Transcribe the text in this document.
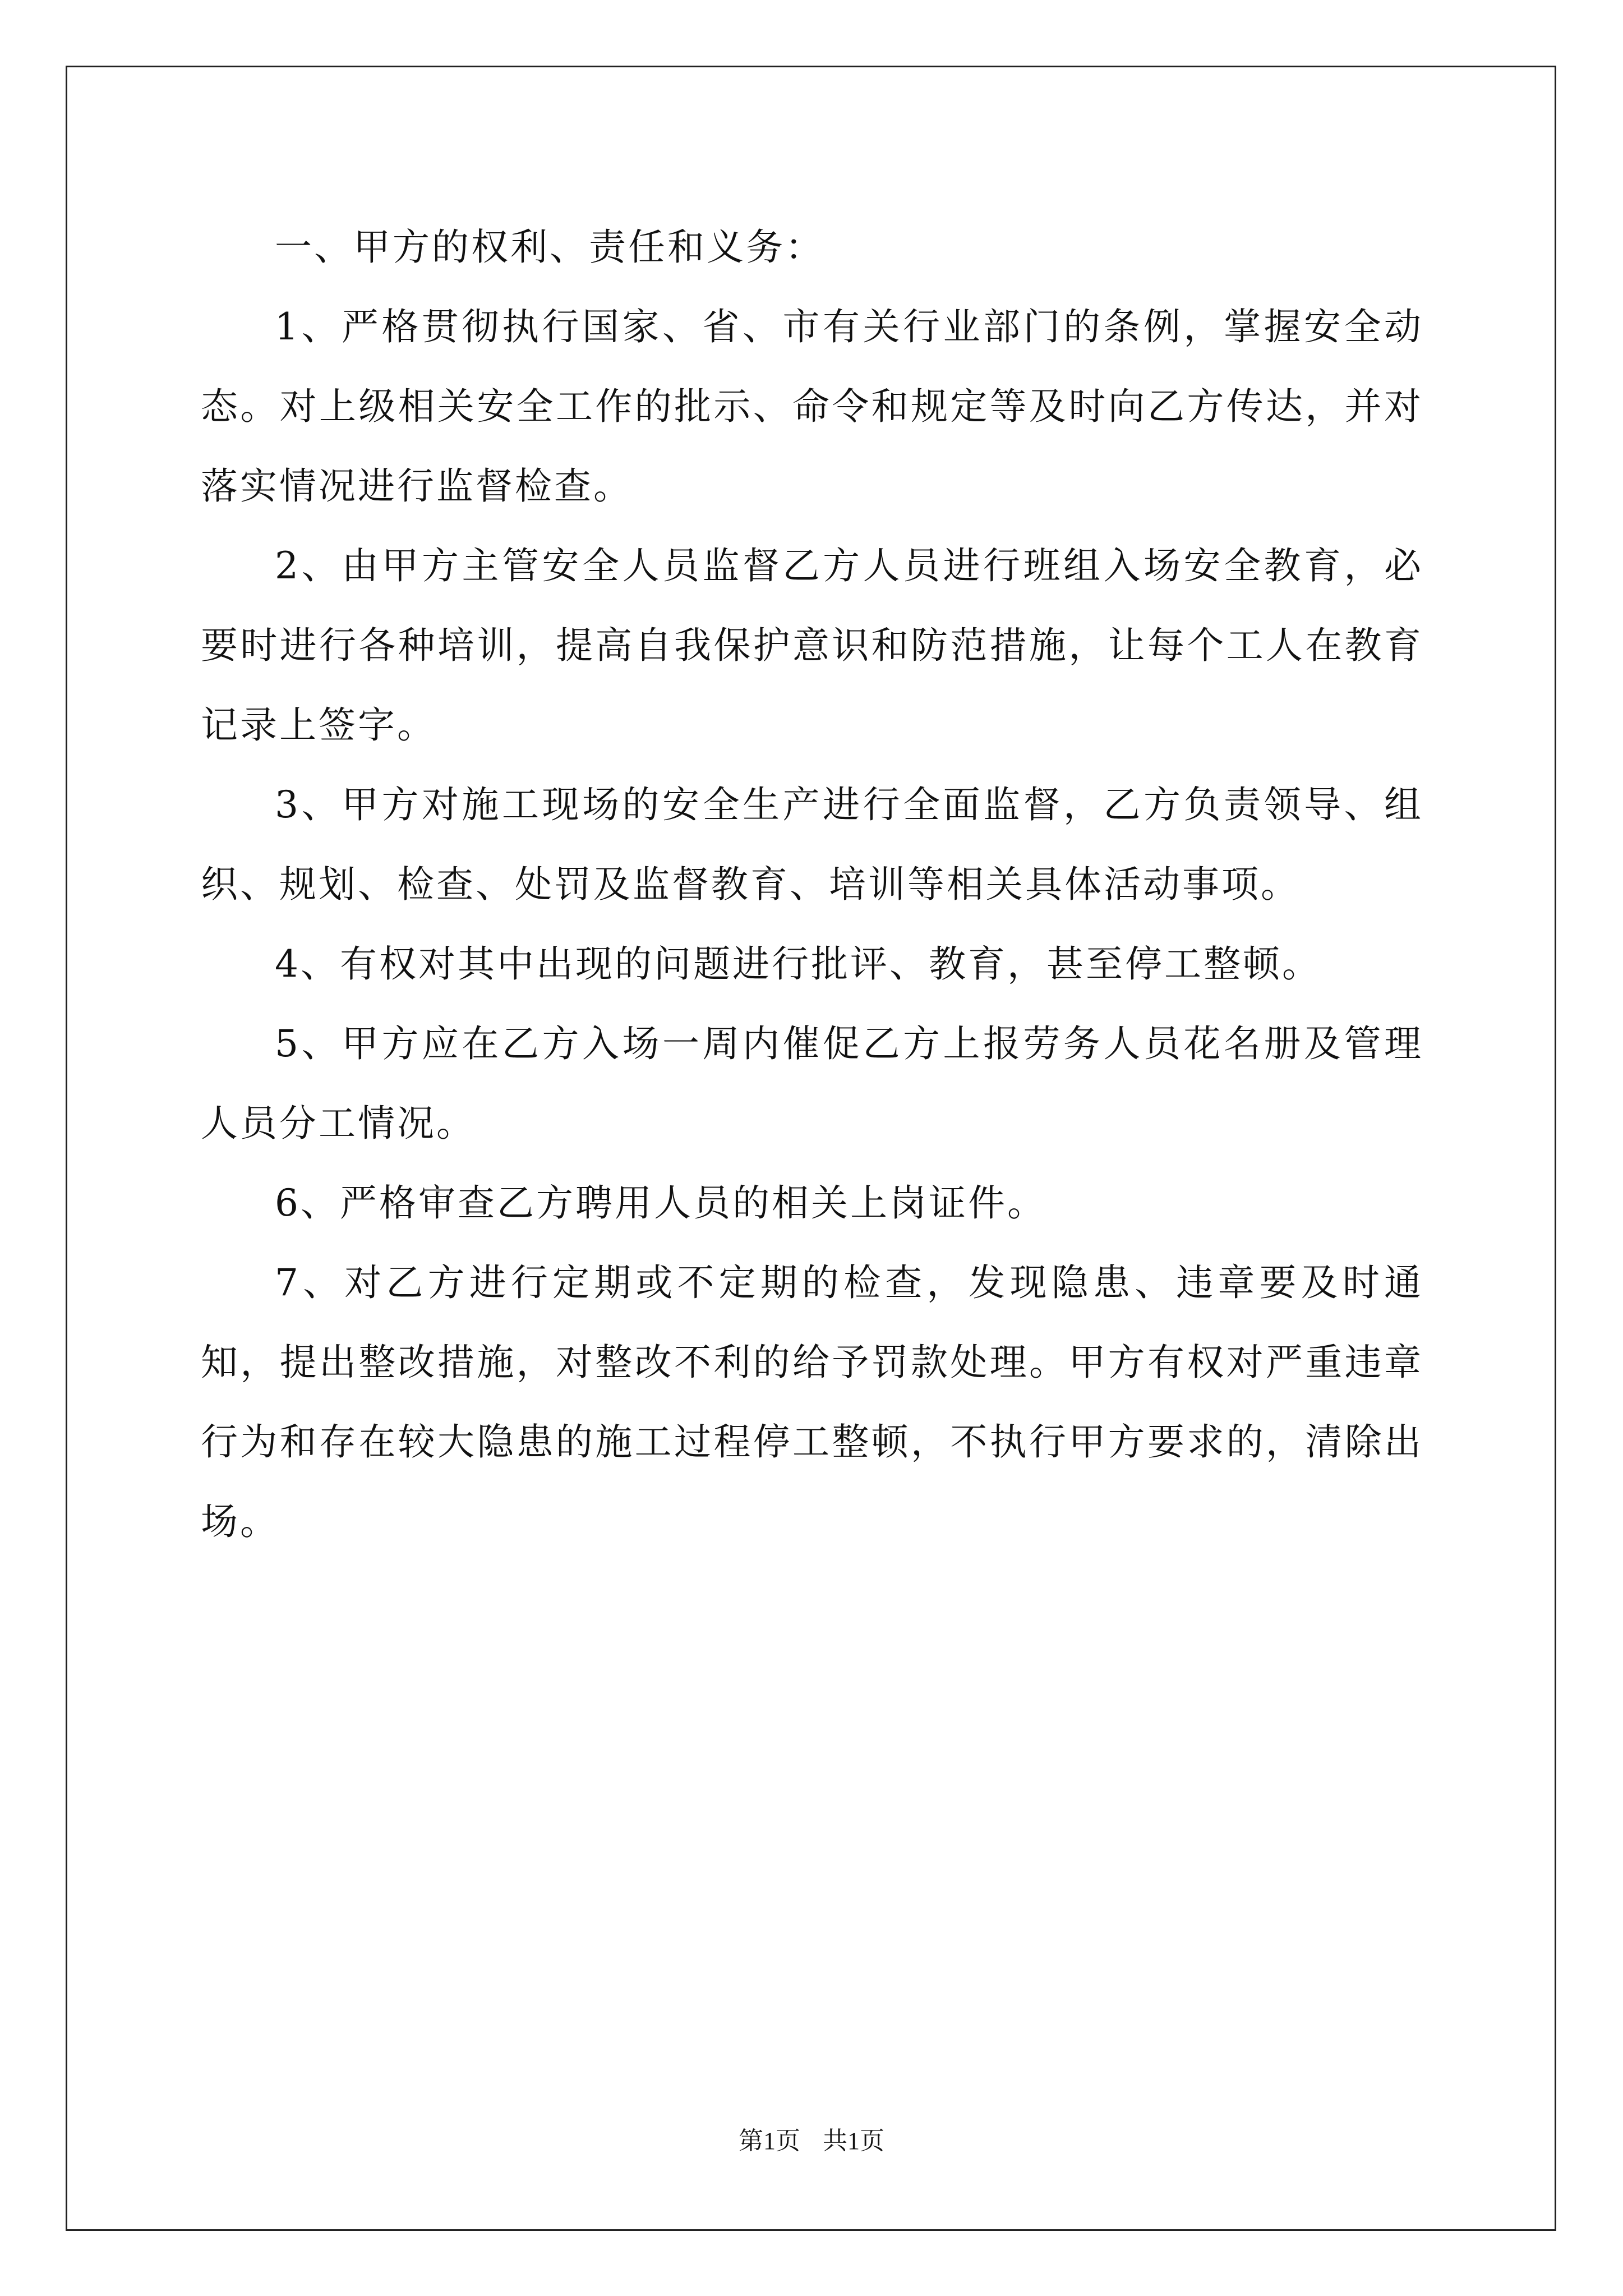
一、甲方的权利、责任和义务：

1、严格贯彻执行国家、省、市有关行业部门的条例，掌握安全动态。对上级相关安全工作的批示、命令和规定等及时向乙方传达，并对落实情况进行监督检查。

2、由甲方主管安全人员监督乙方人员进行班组入场安全教育，必要时进行各种培训，提高自我保护意识和防范措施，让每个工人在教育记录上签字。

3、甲方对施工现场的安全生产进行全面监督，乙方负责领导、组织、规划、检查、处罚及监督教育、培训等相关具体活动事项。

4、有权对其中出现的问题进行批评、教育，甚至停工整顿。

5、甲方应在乙方入场一周内催促乙方上报劳务人员花名册及管理人员分工情况。

6、严格审查乙方聘用人员的相关上岗证件。

7、对乙方进行定期或不定期的检查，发现隐患、违章要及时通知，提出整改措施，对整改不利的给予罚款处理。甲方有权对严重违章行为和存在较大隐患的施工过程停工整顿，不执行甲方要求的，清除出场。

第1页 共1页
